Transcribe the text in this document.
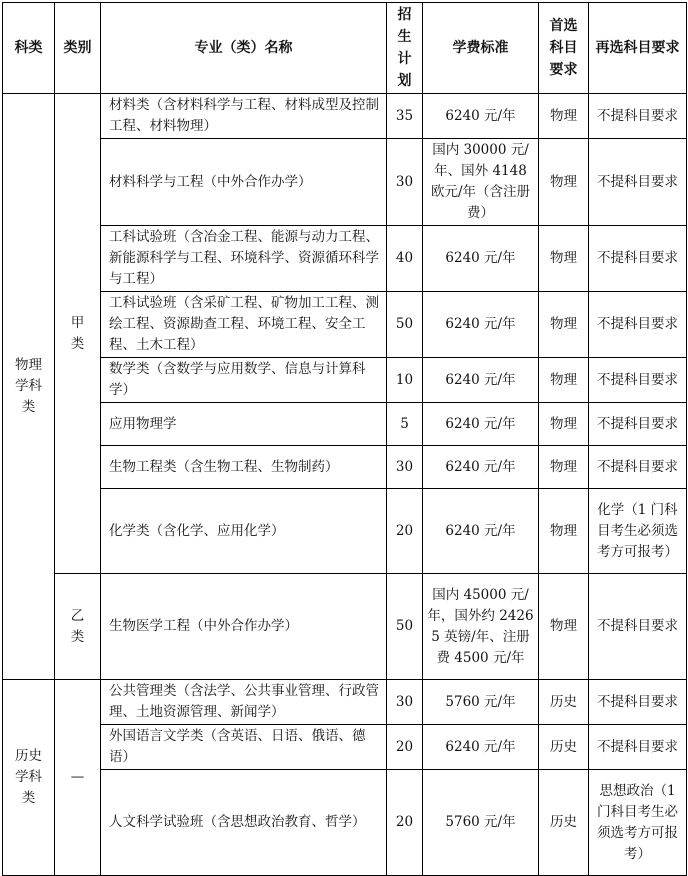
科类	类别	专业（类）名称	招生计划	学费标准	首选科目要求	再选科目要求
物理学科类	甲类	材料类（含材料科学与工程、材料成型及控制工程、材料物理）	35	6240 元/年	物理	不提科目要求
		材料科学与工程（中外合作办学）	30	国内 30000 元/年、国外 4148 欧元/年（含注册费）	物理	不提科目要求
		工科试验班（含冶金工程、能源与动力工程、新能源科学与工程、环境科学、资源循环科学与工程）	40	6240 元/年	物理	不提科目要求
		工科试验班（含采矿工程、矿物加工工程、测绘工程、资源勘查工程、环境工程、安全工程、土木工程）	50	6240 元/年	物理	不提科目要求
		数学类（含数学与应用数学、信息与计算科学）	10	6240 元/年	物理	不提科目要求
		应用物理学	5	6240 元/年	物理	不提科目要求
		生物工程类（含生物工程、生物制药）	30	6240 元/年	物理	不提科目要求
		化学类（含化学、应用化学）	20	6240 元/年	物理	化学（1 门科目考生必须选考方可报考）
	乙类	生物医学工程（中外合作办学）	50	国内 45000 元/年，国外约 24265 英镑/年、注册费 4500 元/年	物理	不提科目要求
历史学科类	—	公共管理类（含法学、公共事业管理、行政管理、土地资源管理、新闻学）	30	5760 元/年	历史	不提科目要求
		外国语言文学类（含英语、日语、俄语、德语）	20	6240 元/年	历史	不提科目要求
		人文科学试验班（含思想政治教育、哲学）	20	5760 元/年	历史	思想政治（1 门科目考生必须选考方可报考）
